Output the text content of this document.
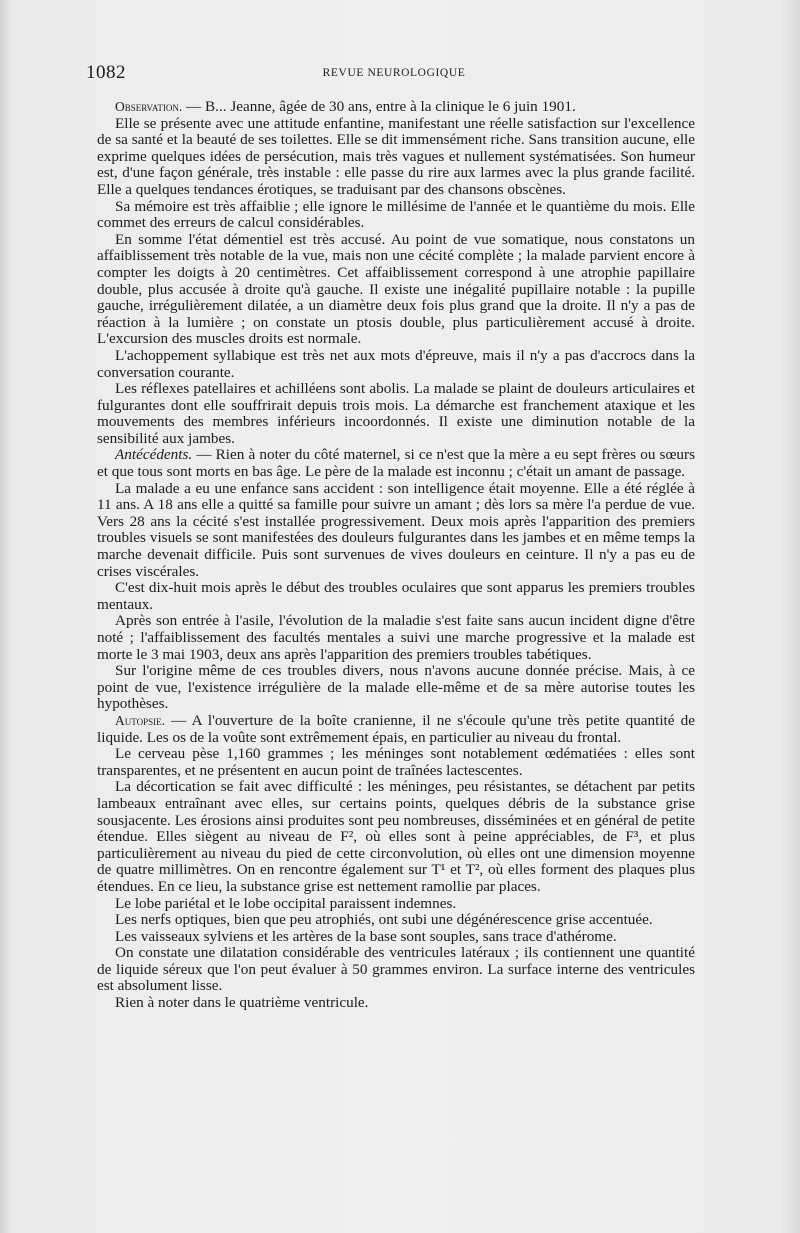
1082	REVUE NEUROLOGIQUE

Observation. — B... Jeanne, âgée de 30 ans, entre à la clinique le 6 juin 1901.

Elle se présente avec une attitude enfantine, manifestant une réelle satisfaction sur l'excellence de sa santé et la beauté de ses toilettes. Elle se dit immensément riche. Sans transition aucune, elle exprime quelques idées de persécution, mais très vagues et nullement systématisées. Son humeur est, d'une façon générale, très instable : elle passe du rire aux larmes avec la plus grande facilité. Elle a quelques tendances érotiques, se traduisant par des chansons obscènes.

Sa mémoire est très affaiblie ; elle ignore le millésime de l'année et le quantième du mois. Elle commet des erreurs de calcul considérables.

En somme l'état démentiel est très accusé. Au point de vue somatique, nous constatons un affaiblissement très notable de la vue, mais non une cécité complète ; la malade parvient encore à compter les doigts à 20 centimètres. Cet affaiblissement correspond à une atrophie papillaire double, plus accusée à droite qu'à gauche. Il existe une inégalité pupillaire notable : la pupille gauche, irrégulièrement dilatée, a un diamètre deux fois plus grand que la droite. Il n'y a pas de réaction à la lumière ; on constate un ptosis double, plus particulièrement accusé à droite. L'excursion des muscles droits est normale.

L'achoppement syllabique est très net aux mots d'épreuve, mais il n'y a pas d'accrocs dans la conversation courante.

Les réflexes patellaires et achilléens sont abolis. La malade se plaint de douleurs articulaires et fulgurantes dont elle souffrirait depuis trois mois. La démarche est franchement ataxique et les mouvements des membres inférieurs incoordonnés. Il existe une diminution notable de la sensibilité aux jambes.

Antécédents. — Rien à noter du côté maternel, si ce n'est que la mère a eu sept frères ou sœurs et que tous sont morts en bas âge. Le père de la malade est inconnu ; c'était un amant de passage.

La malade a eu une enfance sans accident : son intelligence était moyenne. Elle a été réglée à 11 ans. A 18 ans elle a quitté sa famille pour suivre un amant ; dès lors sa mère l'a perdue de vue. Vers 28 ans la cécité s'est installée progressivement. Deux mois après l'apparition des premiers troubles visuels se sont manifestées des douleurs fulgurantes dans les jambes et en même temps la marche devenait difficile. Puis sont survenues de vives douleurs en ceinture. Il n'y a pas eu de crises viscérales.

C'est dix-huit mois après le début des troubles oculaires que sont apparus les premiers troubles mentaux.

Après son entrée à l'asile, l'évolution de la maladie s'est faite sans aucun incident digne d'être noté ; l'affaiblissement des facultés mentales a suivi une marche progressive et la malade est morte le 3 mai 1903, deux ans après l'apparition des premiers troubles tabétiques.

Sur l'origine même de ces troubles divers, nous n'avons aucune donnée précise. Mais, à ce point de vue, l'existence irrégulière de la malade elle-même et de sa mère autorise toutes les hypothèses.

Autopsie. — A l'ouverture de la boîte cranienne, il ne s'écoule qu'une très petite quantité de liquide. Les os de la voûte sont extrêmement épais, en particulier au niveau du frontal.

Le cerveau pèse 1,160 grammes ; les méninges sont notablement œdématiées : elles sont transparentes, et ne présentent en aucun point de traînées lactescentes.

La décortication se fait avec difficulté : les méninges, peu résistantes, se détachent par petits lambeaux entraînant avec elles, sur certains points, quelques débris de la substance grise sousjacente. Les érosions ainsi produites sont peu nombreuses, disséminées et en général de petite étendue. Elles siègent au niveau de F², où elles sont à peine appréciables, de F³, et plus particulièrement au niveau du pied de cette circonvolution, où elles ont une dimension moyenne de quatre millimètres. On en rencontre également sur T¹ et T², où elles forment des plaques plus étendues. En ce lieu, la substance grise est nettement ramollie par places.

Le lobe pariétal et le lobe occipital paraissent indemnes.

Les nerfs optiques, bien que peu atrophiés, ont subi une dégénérescence grise accentuée.

Les vaisseaux sylviens et les artères de la base sont souples, sans trace d'athérome.

On constate une dilatation considérable des ventricules latéraux ; ils contiennent une quantité de liquide séreux que l'on peut évaluer à 50 grammes environ. La surface interne des ventricules est absolument lisse.

Rien à noter dans le quatrième ventricule.
